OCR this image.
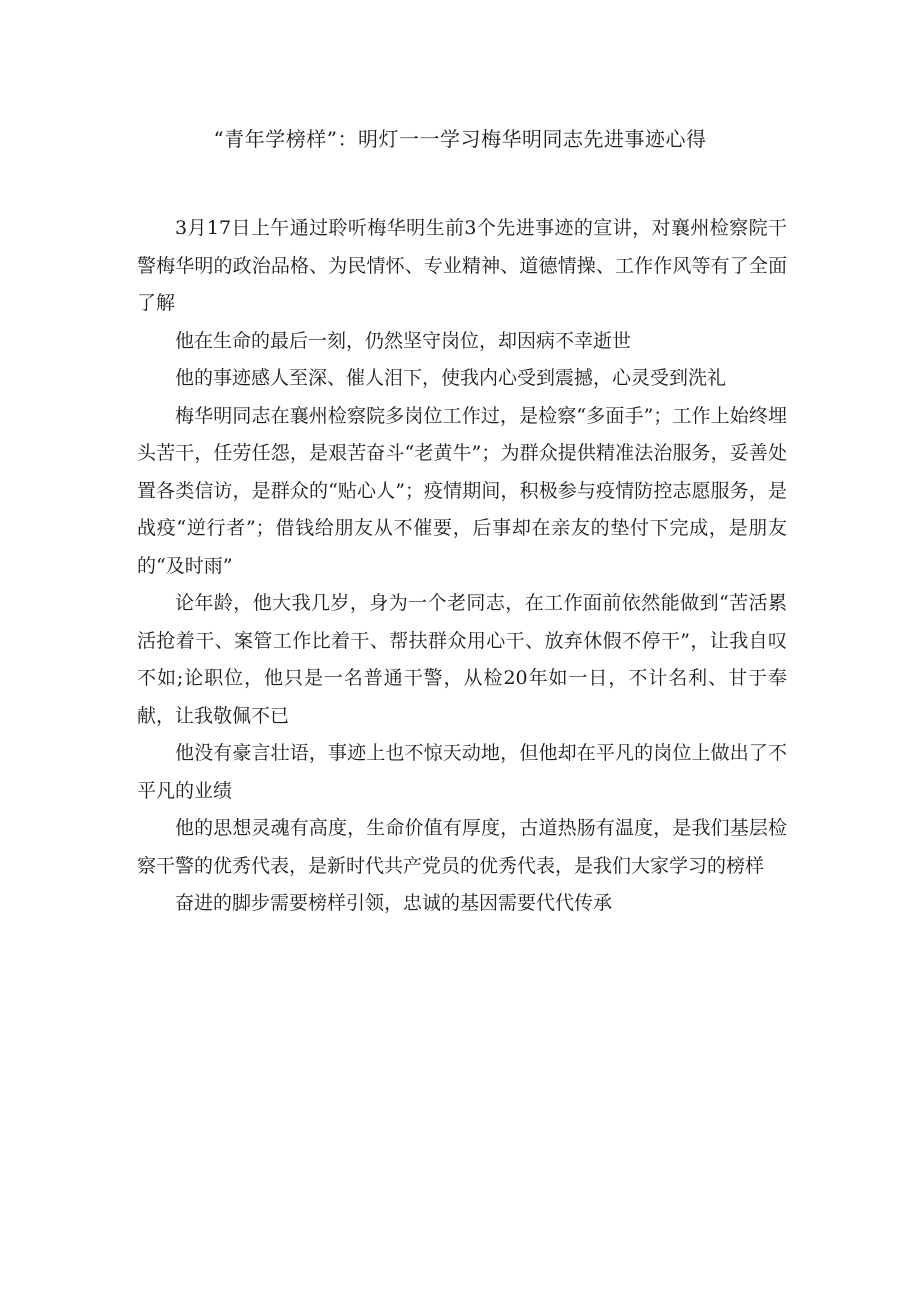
“青年学榜样”：明灯一一学习梅华明同志先进事迹心得

3月17日上午通过聆听梅华明生前3个先进事迹的宣讲，对襄州检察院干警梅华明的政治品格、为民情怀、专业精神、道德情操、工作作风等有了全面了解

他在生命的最后一刻，仍然坚守岗位，却因病不幸逝世

他的事迹感人至深、催人泪下，使我内心受到震撼，心灵受到洗礼

梅华明同志在襄州检察院多岗位工作过，是检察“多面手”；工作上始终埋头苦干，任劳任怨，是艰苦奋斗“老黄牛”；为群众提供精准法治服务，妥善处置各类信访，是群众的“贴心人”；疫情期间，积极参与疫情防控志愿服务，是战疫“逆行者”；借钱给朋友从不催要，后事却在亲友的垫付下完成，是朋友的“及时雨”

论年龄，他大我几岁，身为一个老同志，在工作面前依然能做到“苦活累活抢着干、案管工作比着干、帮扶群众用心干、放弃休假不停干”，让我自叹不如;论职位，他只是一名普通干警，从检20年如一日，不计名利、甘于奉献，让我敬佩不已

他没有豪言壮语，事迹上也不惊天动地，但他却在平凡的岗位上做出了不平凡的业绩

他的思想灵魂有高度，生命价值有厚度，古道热肠有温度，是我们基层检察干警的优秀代表，是新时代共产党员的优秀代表，是我们大家学习的榜样

奋进的脚步需要榜样引领，忠诚的基因需要代代传承
